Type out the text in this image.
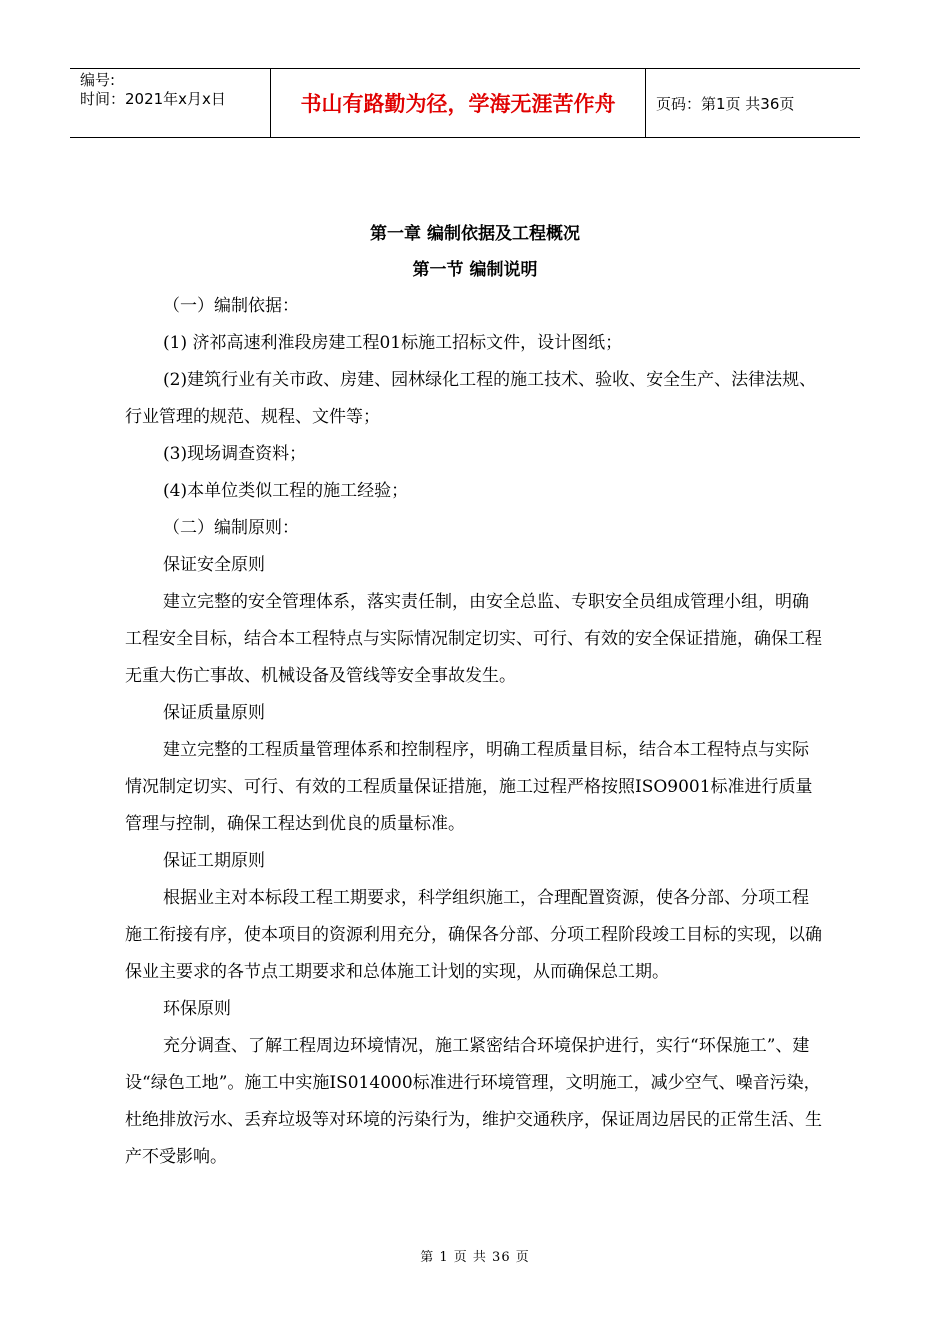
编号:
时间：2021年x月x日	书山有路勤为径，学海无涯苦作舟	页码：第1页 共36页
第一章 编制依据及工程概况
第一节 编制说明

（一）编制依据：

(1) 济祁高速利淮段房建工程01标施工招标文件，设计图纸；

(2)建筑行业有关市政、房建、园林绿化工程的施工技术、验收、安全生产、法律法规、行业管理的规范、规程、文件等；

(3)现场调查资料；

(4)本单位类似工程的施工经验；

（二）编制原则：

保证安全原则

建立完整的安全管理体系，落实责任制，由安全总监、专职安全员组成管理小组，明确工程安全目标，结合本工程特点与实际情况制定切实、可行、有效的安全保证措施，确保工程无重大伤亡事故、机械设备及管线等安全事故发生。

保证质量原则

建立完整的工程质量管理体系和控制程序，明确工程质量目标，结合本工程特点与实际情况制定切实、可行、有效的工程质量保证措施，施工过程严格按照ISO9001标准进行质量管理与控制，确保工程达到优良的质量标准。

保证工期原则

根据业主对本标段工程工期要求，科学组织施工，合理配置资源，使各分部、分项工程施工衔接有序，使本项目的资源利用充分，确保各分部、分项工程阶段竣工目标的实现，以确保业主要求的各节点工期要求和总体施工计划的实现，从而确保总工期。

环保原则

充分调查、了解工程周边环境情况，施工紧密结合环境保护进行，实行“环保施工”、建设“绿色工地”。施工中实施IS014000标准进行环境管理，文明施工，减少空气、噪音污染，杜绝排放污水、丢弃垃圾等对环境的污染行为，维护交通秩序，保证周边居民的正常生活、生产不受影响。

第 1 页 共 36 页
